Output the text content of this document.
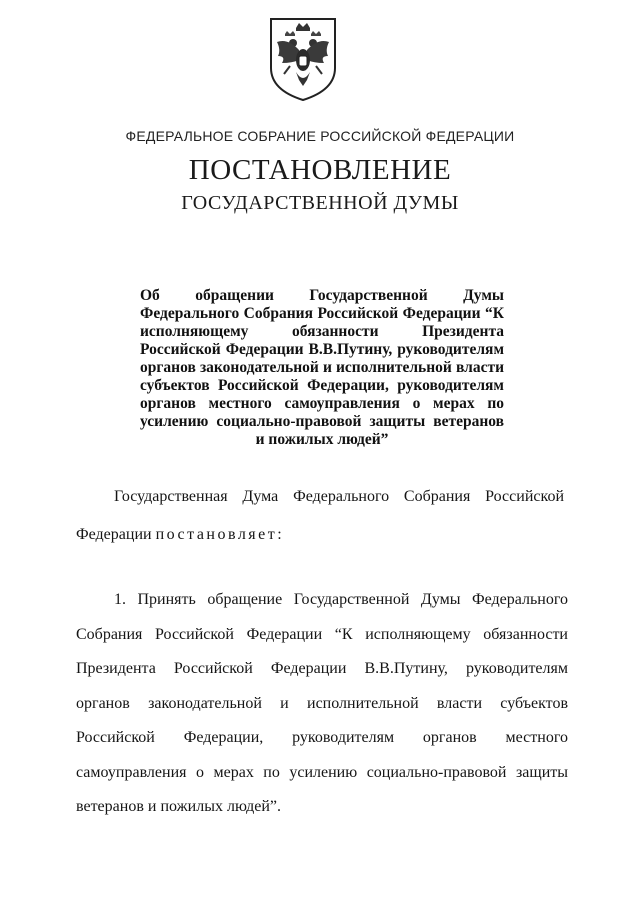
ФЕДЕРАЛЬНОЕ СОБРАНИЕ РОССИЙСКОЙ ФЕДЕРАЦИИ
ПОСТАНОВЛЕНИЕ
ГОСУДАРСТВЕННОЙ ДУМЫ

Об обращении Государственной Думы Федерального Собрания Российской Федерации “К исполняющему обязанности Президента Российской Федерации В.В.Путину, руководителям органов законодательной и исполнительной власти субъектов Российской Федерации, руководителям органов местного самоуправления о мерах по усилению социально-правовой защиты ветеранов и пожилых людей”

Государственная Дума Федерального Собрания Российской Федерации постановляет:

1. Принять обращение Государственной Думы Федерального Собрания Российской Федерации “К исполняющему обязанности Президента Российской Федерации В.В.Путину, руководителям органов законодательной и исполнительной власти субъектов Российской Федерации, руководителям органов местного самоуправления о мерах по усилению социально-правовой защиты ветеранов и пожилых людей”.
